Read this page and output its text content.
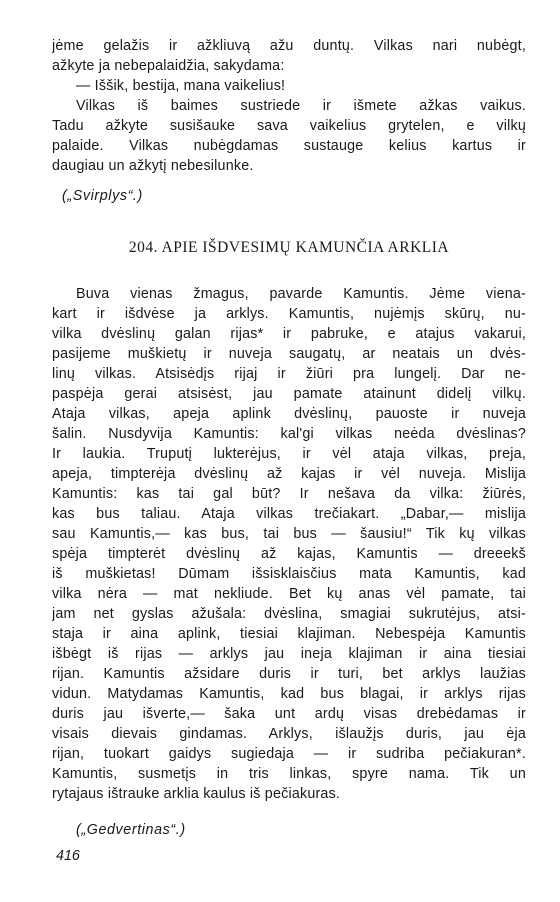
jėme gelažis ir ažkliuvą ažu duntų. Vilkas nari nubėgt,
ažkyte ja nebepalaidžia, sakydama:
— Iššik, bestija, mana vaikelius!
Vilkas iš baimes sustriede ir išmete ažkas vaikus.
Tadu ažkyte susišauke sava vaikelius grytelen, e vilkų
palaide. Vilkas nubėgdamas sustauge kelius kartus ir
daugiau un ažkytį nebesilunke.
(„Svirplys“.)
204. APIE IŠDVESIMŲ KAMUNČIA ARKLIA
Buva vienas žmagus, pavarde Kamuntis. Jėme viena-
kart ir išdvėse ja arklys. Kamuntis, nujėmįs skūrų, nu-
vilka dvėslinų galan rijas* ir pabruke, e atajus vakarui,
pasijeme muškietų ir nuveja saugatų, ar neatais un dvės-
linų vilkas. Atsisėdįs rijaj ir žiūri pra lungelį. Dar ne-
paspėja gerai atsisėst, jau pamate atainunt didelį vilkų.
Ataja vilkas, apeja aplink dvėslinų, pauoste ir nuveja
šalin. Nusdyvija Kamuntis: kal'gi vilkas neėda dvėslinas?
Ir laukia. Truputį lukterėjus, ir vėl ataja vilkas, preja,
apeja, timpterėja dvėslinų až kajas ir vėl nuveja. Mislija
Kamuntis: kas tai gal būt? Ir nešava da vilka: žiūrės,
kas bus taliau. Ataja vilkas trečiakart. „Dabar,— mislija
sau Kamuntis,— kas bus, tai bus — šausiu!“ Tik kų vilkas
spėja timpterėt dvėslinų až kajas, Kamuntis — dreeekš
iš muškietas! Dūmam išsisklaisčius mata Kamuntis, kad
vilka nėra — mat nekliude. Bet kų anas vėl pamate, tai
jam net gyslas ažušala: dvėslina, smagiai sukrutėjus, atsi-
staja ir aina aplink, tiesiai klajiman. Nebespėja Kamuntis
išbėgt iš rijas — arklys jau ineja klajiman ir aina tiesiai
rijan. Kamuntis ažsidare duris ir turi, bet arklys laužias
vidun. Matydamas Kamuntis, kad bus blagai, ir arklys rijas
duris jau išverte,— šaka unt ardų visas drebėdamas ir
visais dievais gindamas. Arklys, išlaužįs duris, jau ėja
rijan, tuokart gaidys sugiedaja — ir sudriba pečiakuran*.
Kamuntis, susmetįs in tris linkas, spyre nama. Tik un
rytajaus ištrauke arklia kaulus iš pečiakuras.
(„Gedvertinas“.)
416
